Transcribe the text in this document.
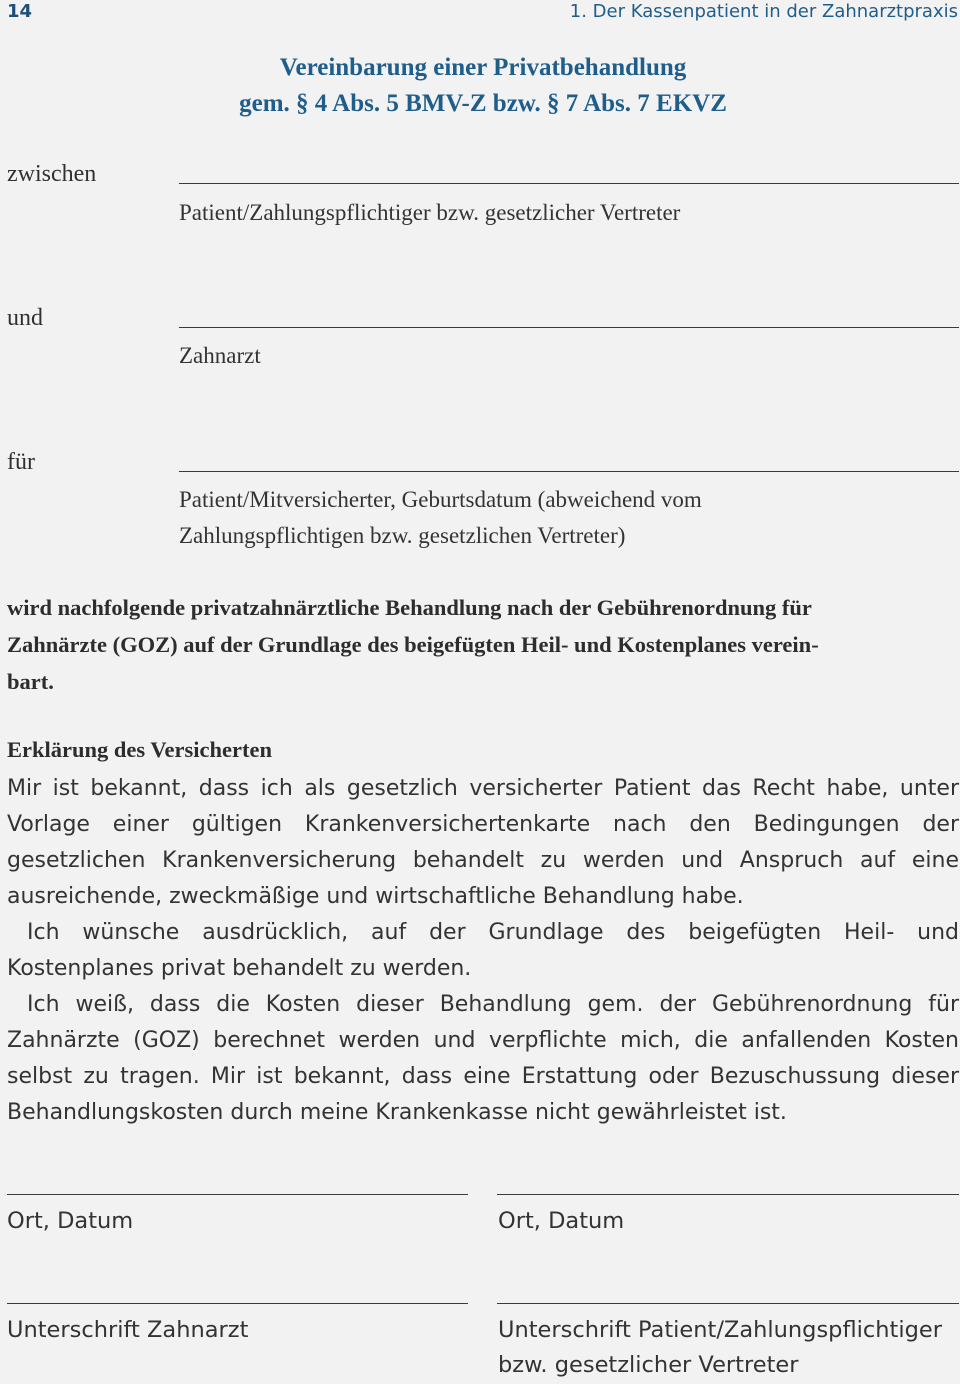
14	1. Der Kassenpatient in der Zahnarztpraxis
Vereinbarung einer Privatbehandlung
gem. § 4 Abs. 5 BMV-Z bzw. § 7 Abs. 7 EKVZ
zwischen
Patient/Zahlungspflichtiger bzw. gesetzlicher Vertreter
und
Zahnarzt
für
Patient/Mitversicherter, Geburtsdatum (abweichend vom
Zahlungspflichtigen bzw. gesetzlichen Vertreter)
wird nachfolgende privatzahnärztliche Behandlung nach der Gebührenordnung für
Zahnärzte (GOZ) auf der Grundlage des beigefügten Heil- und Kostenplanes verein-
bart.
Erklärung des Versicherten

Mir ist bekannt, dass ich als gesetzlich versicherter Patient das Recht habe, unter Vorlage einer gültigen Krankenversichertenkarte nach den Bedingungen der gesetzlichen Krankenversicherung behandelt zu werden und Anspruch auf eine ausreichende, zweckmäßige und wirtschaftliche Behandlung habe.

Ich wünsche ausdrücklich, auf der Grundlage des beigefügten Heil- und Kostenplanes privat behandelt zu werden.

Ich weiß, dass die Kosten dieser Behandlung gem. der Gebührenordnung für Zahnärzte (GOZ) berechnet werden und verpflichte mich, die anfallenden Kosten selbst zu tragen. Mir ist bekannt, dass eine Erstattung oder Bezuschussung dieser Behandlungskosten durch meine Krankenkasse nicht gewährleistet ist.

Ort, Datum	Ort, Datum
Unterschrift Zahnarzt	Unterschrift Patient/Zahlungspflichtiger
bzw. gesetzlicher Vertreter
